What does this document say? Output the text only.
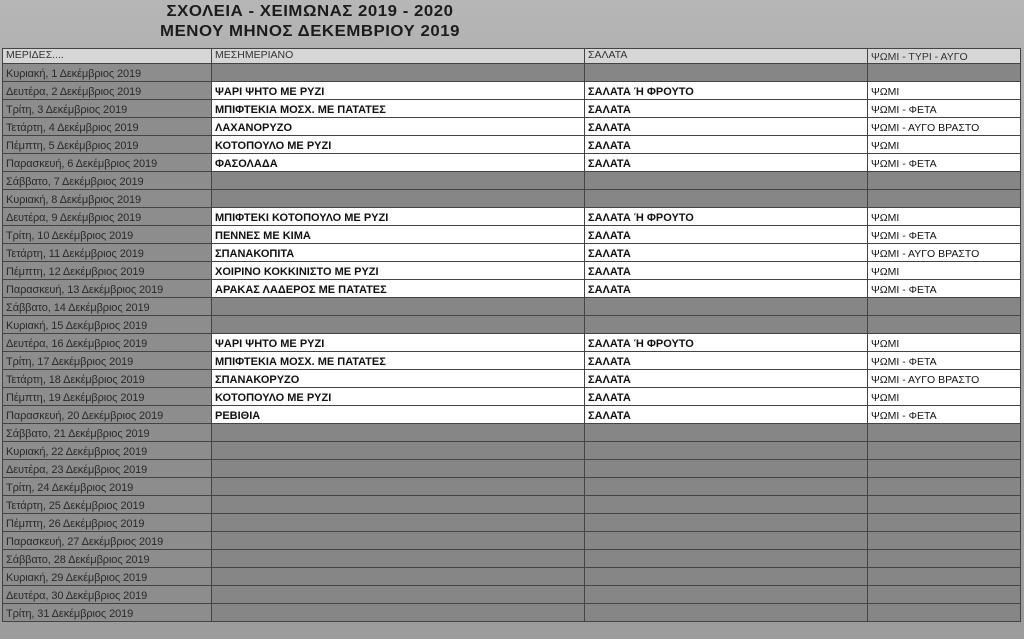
ΣΧΟΛΕΙΑ - ΧΕΙΜΩΝΑΣ 2019 - 2020
ΜΕΝΟΥ ΜΗΝΟΣ ΔΕΚΕΜΒΡΙΟΥ 2019
ΜΕΡΙΔΕΣ....	ΜΕΣΗΜΕΡΙΑΝΟ	ΣΑΛΑΤΑ	ΨΩΜΙ - ΤΥΡΙ - ΑΥΓΟ
Κυριακή, 1 Δεκέμβριος 2019			
Δευτέρα, 2 Δεκέμβριος 2019	ΨΑΡΙ ΨΗΤΟ ΜΕ ΡΥΖΙ	ΣΑΛΑΤΑ Ή ΦΡΟΥΤΟ	ΨΩΜΙ
Τρίτη, 3 Δεκέμβριος 2019	ΜΠΙΦΤΕΚΙΑ ΜΟΣΧ. ΜΕ ΠΑΤΑΤΕΣ	ΣΑΛΑΤΑ	ΨΩΜΙ - ΦΕΤΑ
Τετάρτη, 4 Δεκέμβριος 2019	ΛΑΧΑΝΟΡΥΖΟ	ΣΑΛΑΤΑ	ΨΩΜΙ - ΑΥΓΟ ΒΡΑΣΤΟ
Πέμπτη, 5 Δεκέμβριος 2019	ΚΟΤΟΠΟΥΛΟ ΜΕ ΡΥΖΙ	ΣΑΛΑΤΑ	ΨΩΜΙ
Παρασκευή, 6 Δεκέμβριος 2019	ΦΑΣΟΛΑΔΑ	ΣΑΛΑΤΑ	ΨΩΜΙ - ΦΕΤΑ
Σάββατο, 7 Δεκέμβριος 2019			
Κυριακή, 8 Δεκέμβριος 2019			
Δευτέρα, 9 Δεκέμβριος 2019	ΜΠΙΦΤΕΚΙ ΚΟΤΟΠΟΥΛΟ ΜΕ ΡΥΖΙ	ΣΑΛΑΤΑ Ή ΦΡΟΥΤΟ	ΨΩΜΙ
Τρίτη, 10 Δεκέμβριος 2019	ΠΕΝΝΕΣ ΜΕ ΚΙΜΑ	ΣΑΛΑΤΑ	ΨΩΜΙ - ΦΕΤΑ
Τετάρτη, 11 Δεκέμβριος 2019	ΣΠΑΝΑΚΟΠΙΤΑ	ΣΑΛΑΤΑ	ΨΩΜΙ - ΑΥΓΟ ΒΡΑΣΤΟ
Πέμπτη, 12 Δεκέμβριος 2019	ΧΟΙΡΙΝΟ ΚΟΚΚΙΝΙΣΤΟ ΜΕ ΡΥΖΙ	ΣΑΛΑΤΑ	ΨΩΜΙ
Παρασκευή, 13 Δεκέμβριος 2019	ΑΡΑΚΑΣ ΛΑΔΕΡΟΣ ΜΕ ΠΑΤΑΤΕΣ	ΣΑΛΑΤΑ	ΨΩΜΙ - ΦΕΤΑ
Σάββατο, 14 Δεκέμβριος 2019			
Κυριακή, 15 Δεκέμβριος 2019			
Δευτέρα, 16 Δεκέμβριος 2019	ΨΑΡΙ ΨΗΤΟ ΜΕ ΡΥΖΙ	ΣΑΛΑΤΑ Ή ΦΡΟΥΤΟ	ΨΩΜΙ
Τρίτη, 17 Δεκέμβριος 2019	ΜΠΙΦΤΕΚΙΑ ΜΟΣΧ. ΜΕ ΠΑΤΑΤΕΣ	ΣΑΛΑΤΑ	ΨΩΜΙ - ΦΕΤΑ
Τετάρτη, 18 Δεκέμβριος 2019	ΣΠΑΝΑΚΟΡΥΖΟ	ΣΑΛΑΤΑ	ΨΩΜΙ - ΑΥΓΟ ΒΡΑΣΤΟ
Πέμπτη, 19 Δεκέμβριος 2019	ΚΟΤΟΠΟΥΛΟ ΜΕ ΡΥΖΙ	ΣΑΛΑΤΑ	ΨΩΜΙ
Παρασκευή, 20 Δεκέμβριος 2019	ΡΕΒΙΘΙΑ	ΣΑΛΑΤΑ	ΨΩΜΙ - ΦΕΤΑ
Σάββατο, 21 Δεκέμβριος 2019			
Κυριακή, 22 Δεκέμβριος 2019			
Δευτέρα, 23 Δεκέμβριος 2019			
Τρίτη, 24 Δεκέμβριος 2019			
Τετάρτη, 25 Δεκέμβριος 2019			
Πέμπτη, 26 Δεκέμβριος 2019			
Παρασκευή, 27 Δεκέμβριος 2019			
Σάββατο, 28 Δεκέμβριος 2019			
Κυριακή, 29 Δεκέμβριος 2019			
Δευτέρα, 30 Δεκέμβριος 2019			
Τρίτη, 31 Δεκέμβριος 2019			
